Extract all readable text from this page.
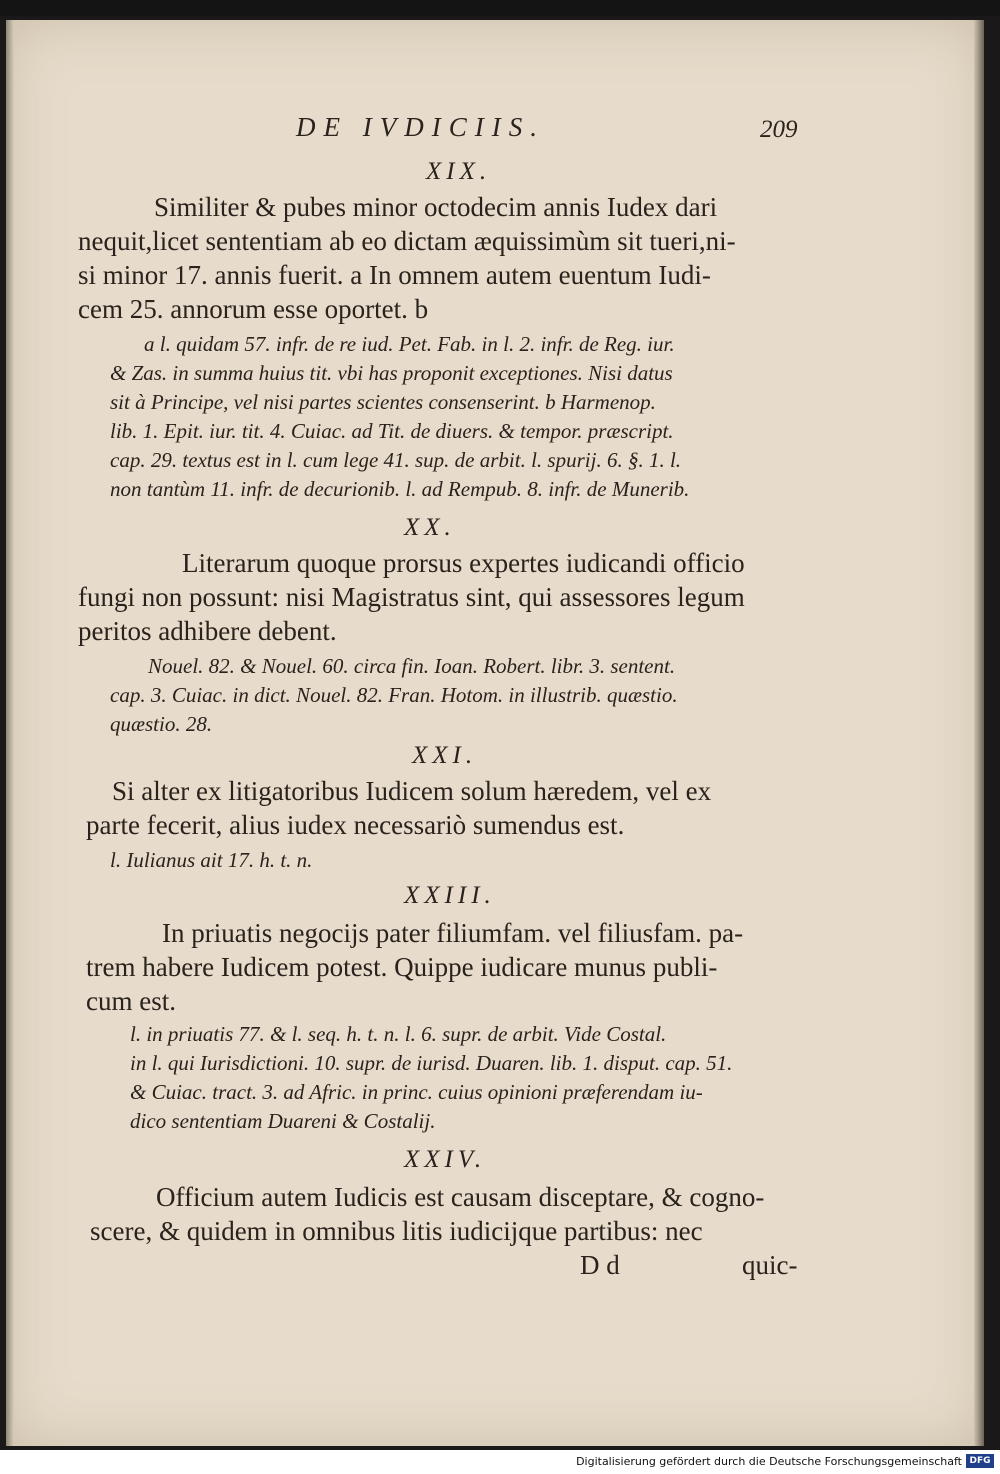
DE IVDICIIS.	209

XIX.

Similiter & pubes minor octodecim annis Iudex dari

nequit,licet sententiam ab eo dictam æquissimùm sit tueri,ni-

si minor 17. annis fuerit. a In omnem autem euentum Iudi-

cem 25. annorum esse oportet. b

a l. quidam 57. infr. de re iud. Pet. Fab. in l. 2. infr. de Reg. iur.

& Zas. in summa huius tit. vbi has proponit exceptiones. Nisi datus

sit à Principe, vel nisi partes scientes consenserint. b Harmenop.

lib. 1. Epit. iur. tit. 4. Cuiac. ad Tit. de diuers. & tempor. præscript.

cap. 29. textus est in l. cum lege 41. sup. de arbit. l. spurij. 6. §. 1. l.

non tantùm 11. infr. de decurionib. l. ad Rempub. 8. infr. de Munerib.

XX.

Literarum quoque prorsus expertes iudicandi officio

fungi non possunt: nisi Magistratus sint, qui assessores legum

peritos adhibere debent.

Nouel. 82. & Nouel. 60. circa fin. Ioan. Robert. libr. 3. sentent.

cap. 3. Cuiac. in dict. Nouel. 82. Fran. Hotom. in illustrib. quæstio.

quæstio. 28.

XXI.

Si alter ex litigatoribus Iudicem solum hæredem, vel ex

parte fecerit, alius iudex necessariò sumendus est.

l. Iulianus ait 17. h. t. n.

XXIII.

In priuatis negocijs pater filiumfam. vel filiusfam. pa-

trem habere Iudicem potest. Quippe iudicare munus publi-

cum est.

l. in priuatis 77. & l. seq. h. t. n. l. 6. supr. de arbit. Vide Costal.

in l. qui Iurisdictioni. 10. supr. de iurisd. Duaren. lib. 1. disput. cap. 51.

& Cuiac. tract. 3. ad Afric. in princ. cuius opinioni præferendam iu-

dico sententiam Duareni & Costalij.

XXIV.

Officium autem Iudicis est causam disceptare, & cogno-

scere, & quidem in omnibus litis iudicijque partibus: nec

D d	quic-

Digitalisierung gefördert durch die Deutsche Forschungsgemeinschaft DFG
